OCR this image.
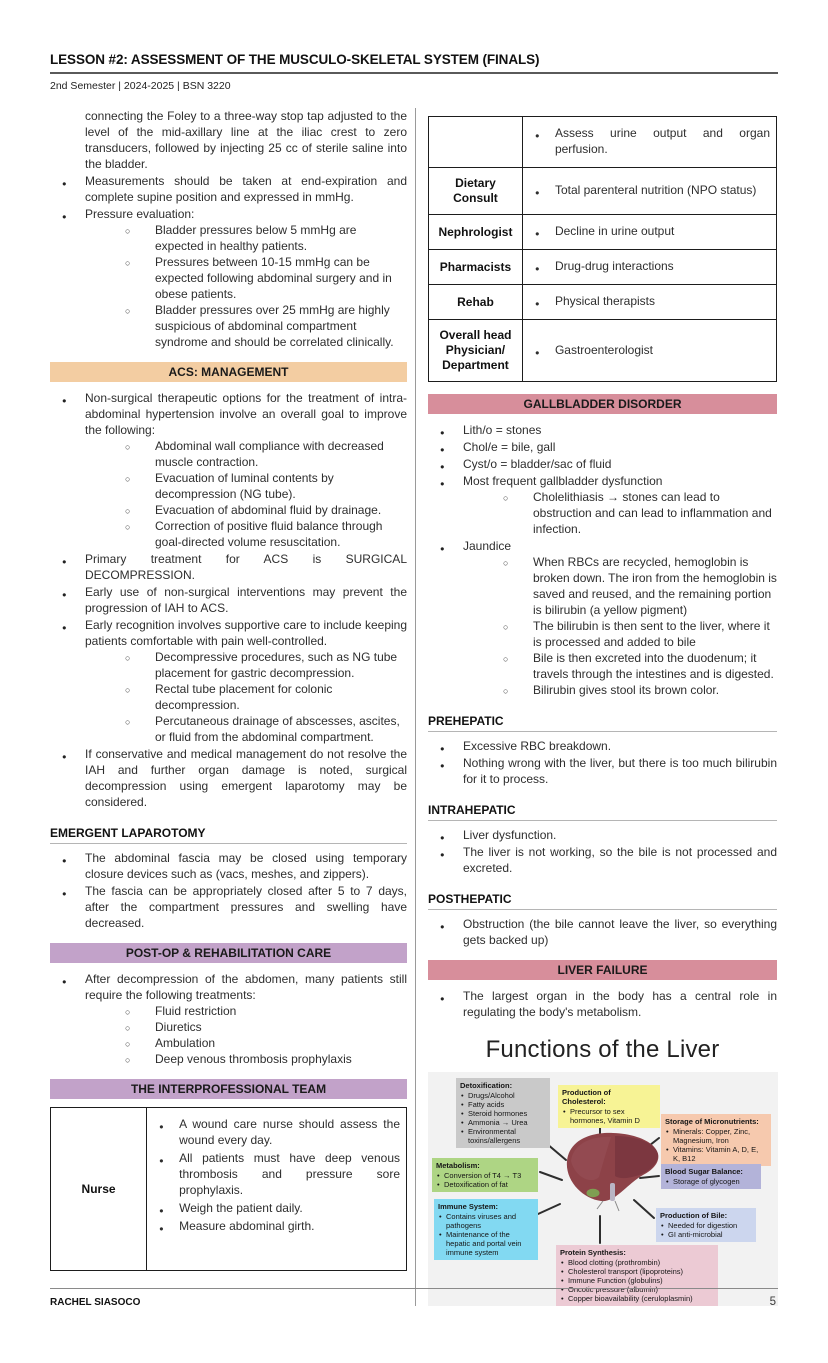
LESSON #2: ASSESSMENT OF THE MUSCULO-SKELETAL SYSTEM (FINALS)
2nd Semester | 2024-2025 | BSN 3220

connecting the Foley to a three-way stop tap adjusted to the level of the mid-axillary line at the iliac crest to zero transducers, followed by injecting 25 cc of sterile saline into the bladder.

● Measurements should be taken at end-expiration and complete supine position and expressed in mmHg.
● Pressure evaluation:
○ Bladder pressures below 5 mmHg are expected in healthy patients.
○ Pressures between 10-15 mmHg can be expected following abdominal surgery and in obese patients.
○ Bladder pressures over 25 mmHg are highly suspicious of abdominal compartment syndrome and should be correlated clinically.
ACS: MANAGEMENT
● Non-surgical therapeutic options for the treatment of intra-abdominal hypertension involve an overall goal to improve the following:
○ Abdominal wall compliance with decreased muscle contraction.
○ Evacuation of luminal contents by decompression (NG tube).
○ Evacuation of abdominal fluid by drainage.
○ Correction of positive fluid balance through goal-directed volume resuscitation.
● Primary treatment for ACS is SURGICAL DECOMPRESSION.
● Early use of non-surgical interventions may prevent the progression of IAH to ACS.
● Early recognition involves supportive care to include keeping patients comfortable with pain well-controlled.
○ Decompressive procedures, such as NG tube placement for gastric decompression.
○ Rectal tube placement for colonic decompression.
○ Percutaneous drainage of abscesses, ascites, or fluid from the abdominal compartment.
● If conservative and medical management do not resolve the IAH and further organ damage is noted, surgical decompression using emergent laparotomy may be considered.
EMERGENT LAPAROTOMY
● The abdominal fascia may be closed using temporary closure devices such as (vacs, meshes, and zippers).
● The fascia can be appropriately closed after 5 to 7 days, after the compartment pressures and swelling have decreased.
POST-OP & REHABILITATION CARE
● After decompression of the abdomen, many patients still require the following treatments:
○ Fluid restriction
○ Diuretics
○ Ambulation
○ Deep venous thrombosis prophylaxis
THE INTERPROFESSIONAL TEAM
Nurse	
● A wound care nurse should assess the wound every day.
● All patients must have deep venous thrombosis and pressure sore prophylaxis.
● Weigh the patient daily.
● Measure abdominal girth.

● Assess urine output and organ perfusion.

Dietary Consult	
● Total parenteral nutrition (NPO status)

Nephrologist	
●Decline in urine output

Pharmacists	
●Drug-drug interactions

Rehab	
●Physical therapists

Overall head Physician/ Department	
● Gastroenterologist
GALLBLADDER DISORDER
● Lith/o = stones
● Chol/e = bile, gall
● Cyst/o = bladder/sac of fluid
● Most frequent gallbladder dysfunction
○ Cholelithiasis → stones can lead to obstruction and can lead to inflammation and infection.
● Jaundice
○ When RBCs are recycled, hemoglobin is broken down. The iron from the hemoglobin is saved and reused, and the remaining portion is bilirubin (a yellow pigment)
○ The bilirubin is then sent to the liver, where it is processed and added to bile
○ Bile is then excreted into the duodenum; it travels through the intestines and is digested.
○ Bilirubin gives stool its brown color.
PREHEPATIC
● Excessive RBC breakdown.
● Nothing wrong with the liver, but there is too much bilirubin for it to process.
INTRAHEPATIC
● Liver dysfunction.
● The liver is not working, so the bile is not processed and excreted.
POSTHEPATIC
● Obstruction (the bile cannot leave the liver, so everything gets backed up)
LIVER FAILURE
● The largest organ in the body has a central role in regulating the body's metabolism.
Functions of the Liver
Detoxification:
• Drugs/Alcohol
• Fatty acids
• Steroid hormones
• Ammonia → Urea
• Environmental toxins/allergens
Production of Cholesterol:
• Precursor to sex hormones, Vitamin D	Storage of Micronutrients:
• Minerals: Copper, Zinc, Magnesium, Iron
• Vitamins: Vitamin A, D, E, K, B12
Metabolism:
• Conversion of T4 → T3
• Detoxification of fat
Blood Sugar Balance:
• Storage of glycogen
Immune System:
• Contains viruses and pathogens
• Maintenance of the hepatic and portal vein immune system
Production of Bile:
• Needed for digestion
• GI anti-microbial
Protein Synthesis:
• Blood clotting (prothrombin)
• Cholesterol transport (lipoproteins)
• Immune Function (globulins)
• Oncotic pressure (albumin)
• Copper bioavailability (ceruloplasmin)
RACHEL SIASOCO	5
